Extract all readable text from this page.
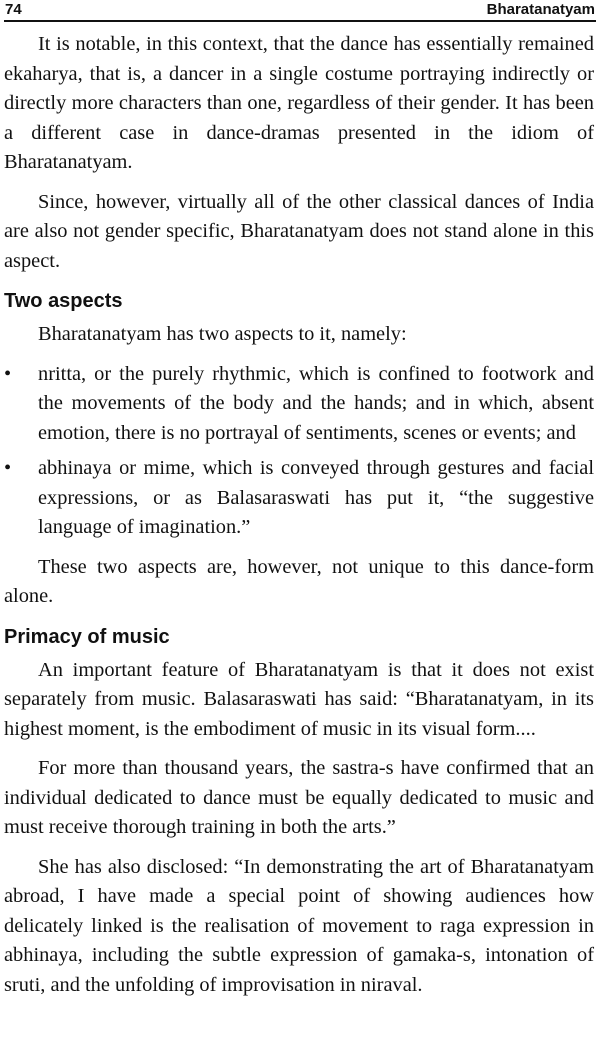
74	Bharatanatyam

It is notable, in this context, that the dance has essentially remained ekaharya, that is, a dancer in a single costume portraying indirectly or directly more characters than one, regardless of their gender. It has been a different case in dance-dramas presented in the idiom of Bharatanatyam.

Since, however, virtually all of the other classical dances of India are also not gender specific, Bharatanatyam does not stand alone in this aspect.

Two aspects

Bharatanatyam has two aspects to it, namely:

• nritta, or the purely rhythmic, which is confined to footwork and the movements of the body and the hands; and in which, absent emotion, there is no portrayal of sentiments, scenes or events; and
• abhinaya or mime, which is conveyed through gestures and facial expressions, or as Balasaraswati has put it, “the suggestive language of imagination.”

These two aspects are, however, not unique to this dance-form alone.

Primacy of music

An important feature of Bharatanatyam is that it does not exist separately from music. Balasaraswati has said: “Bharatanatyam, in its highest moment, is the embodiment of music in its visual form....

For more than thousand years, the sastra-s have confirmed that an individual dedicated to dance must be equally dedicated to music and must receive thorough training in both the arts.”

She has also disclosed: “In demonstrating the art of Bharatanatyam abroad, I have made a special point of showing audiences how delicately linked is the realisation of movement to raga expression in abhinaya, including the subtle expression of gamaka-s, intonation of sruti, and the unfolding of improvisation in niraval.
